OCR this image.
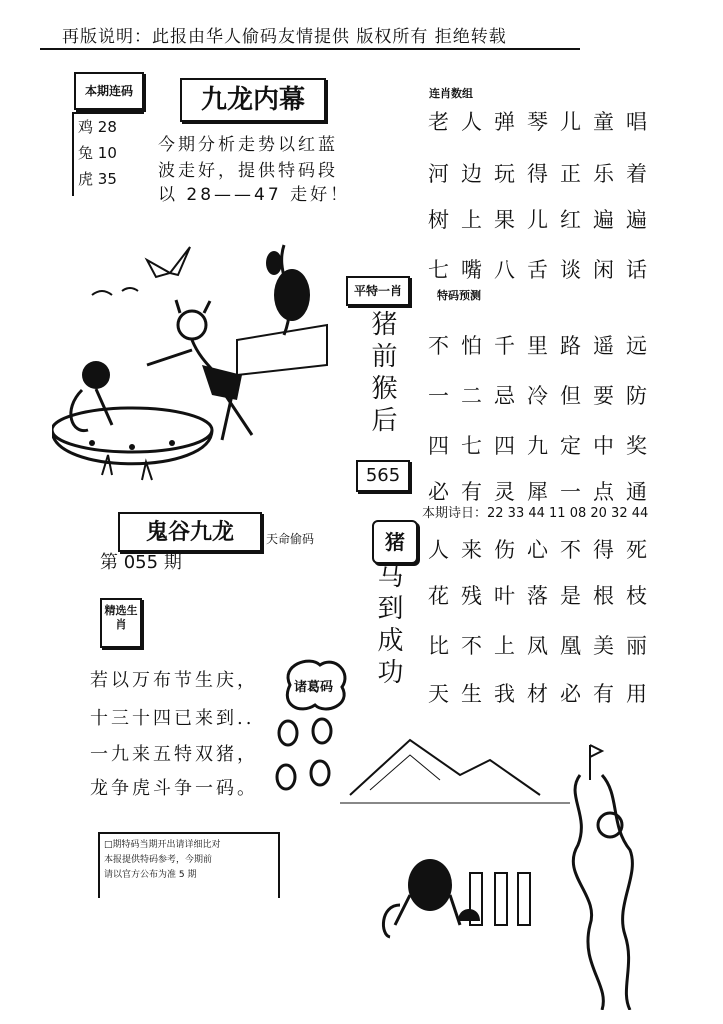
再版说明：此报由华人偷码友情提供 版权所有 拒绝转载
本期连码
鸡 28
兔 10
虎 35
九龙内幕
今期分析走势以红蓝
波走好，提供特码段
以 28——47 走好！
平特一肖
猪前猴后
565
连肖数组
老人弹琴儿童唱
河边玩得正乐着
树上果儿红遍遍
七嘴八舌谈闲话
特码预测
不怕千里路遥远
一二忌冷但要防
四七四九定中奖
必有灵犀一点通
本期诗日：22 33 44 11 08 20 32 44
人来伤心不得死
花残叶落是根枝
比不上凤凰美丽
天生我材必有用
鬼谷九龙	天命偷码
第 055 期
猪
马到成功
精选生肖
若以万布节生庆，
十三十四已来到..
一九来五特双猪，
龙争虎斗争一码。
诸葛码
□期特码当期开出请详细比对
本报提供特码参考，今期前
请以官方公布为准 5 期
